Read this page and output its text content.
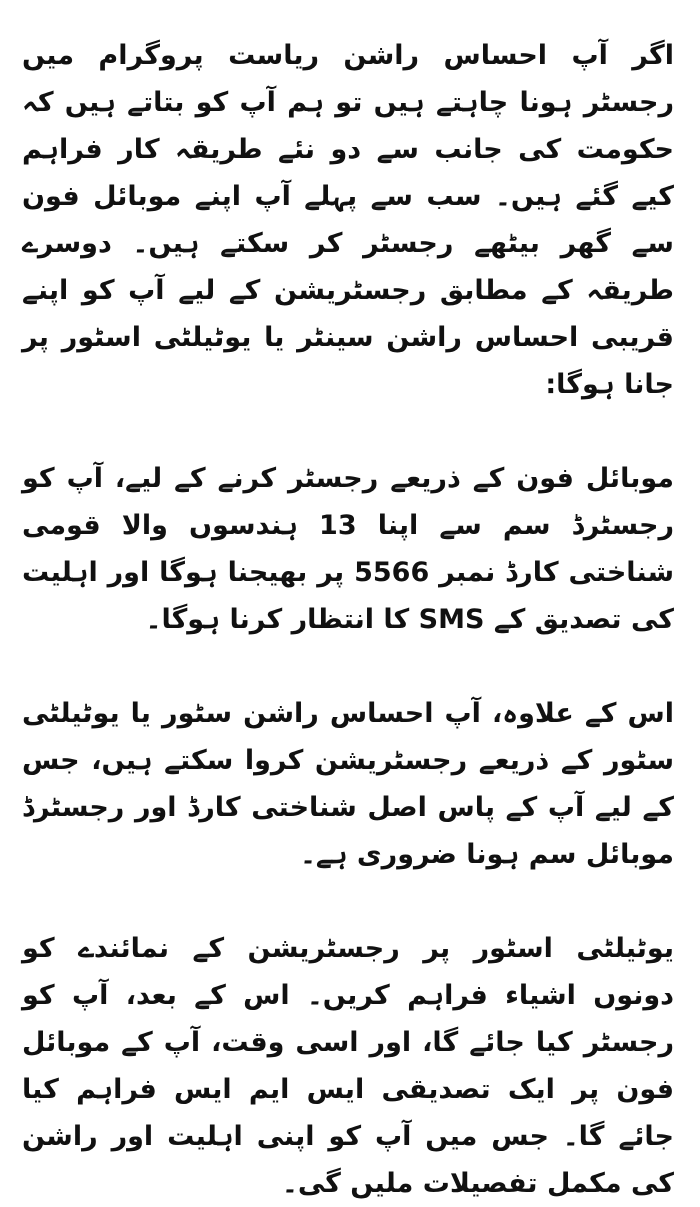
اگر آپ احساس راشن ریاست پروگرام میں رجسٹر ہونا چاہتے ہیں تو ہم آپ کو بتاتے ہیں کہ حکومت کی جانب سے دو نئے طریقہ کار فراہم کیے گئے ہیں۔ سب سے پہلے آپ اپنے موبائل فون سے گھر بیٹھے رجسٹر کر سکتے ہیں۔ دوسرے طریقہ کے مطابق رجسٹریشن کے لیے آپ کو اپنے قریبی احساس راشن سینٹر یا یوٹیلٹی اسٹور پر جانا ہوگا:

موبائل فون کے ذریعے رجسٹر کرنے کے لیے، آپ کو رجسٹرڈ سم سے اپنا 13 ہندسوں والا قومی شناختی کارڈ نمبر 5566 پر بھیجنا ہوگا اور اہلیت کی تصدیق کے SMS کا انتظار کرنا ہوگا۔

اس کے علاوہ، آپ احساس راشن سٹور یا یوٹیلٹی سٹور کے ذریعے رجسٹریشن کروا سکتے ہیں، جس کے لیے آپ کے پاس اصل شناختی کارڈ اور رجسٹرڈ موبائل سم ہونا ضروری ہے۔

یوٹیلٹی اسٹور پر رجسٹریشن کے نمائندے کو دونوں اشیاء فراہم کریں۔ اس کے بعد، آپ کو رجسٹر کیا جائے گا، اور اسی وقت، آپ کے موبائل فون پر ایک تصدیقی ایس ایم ایس فراہم کیا جائے گا۔ جس میں آپ کو اپنی اہلیت اور راشن کی مکمل تفصیلات ملیں گی۔
